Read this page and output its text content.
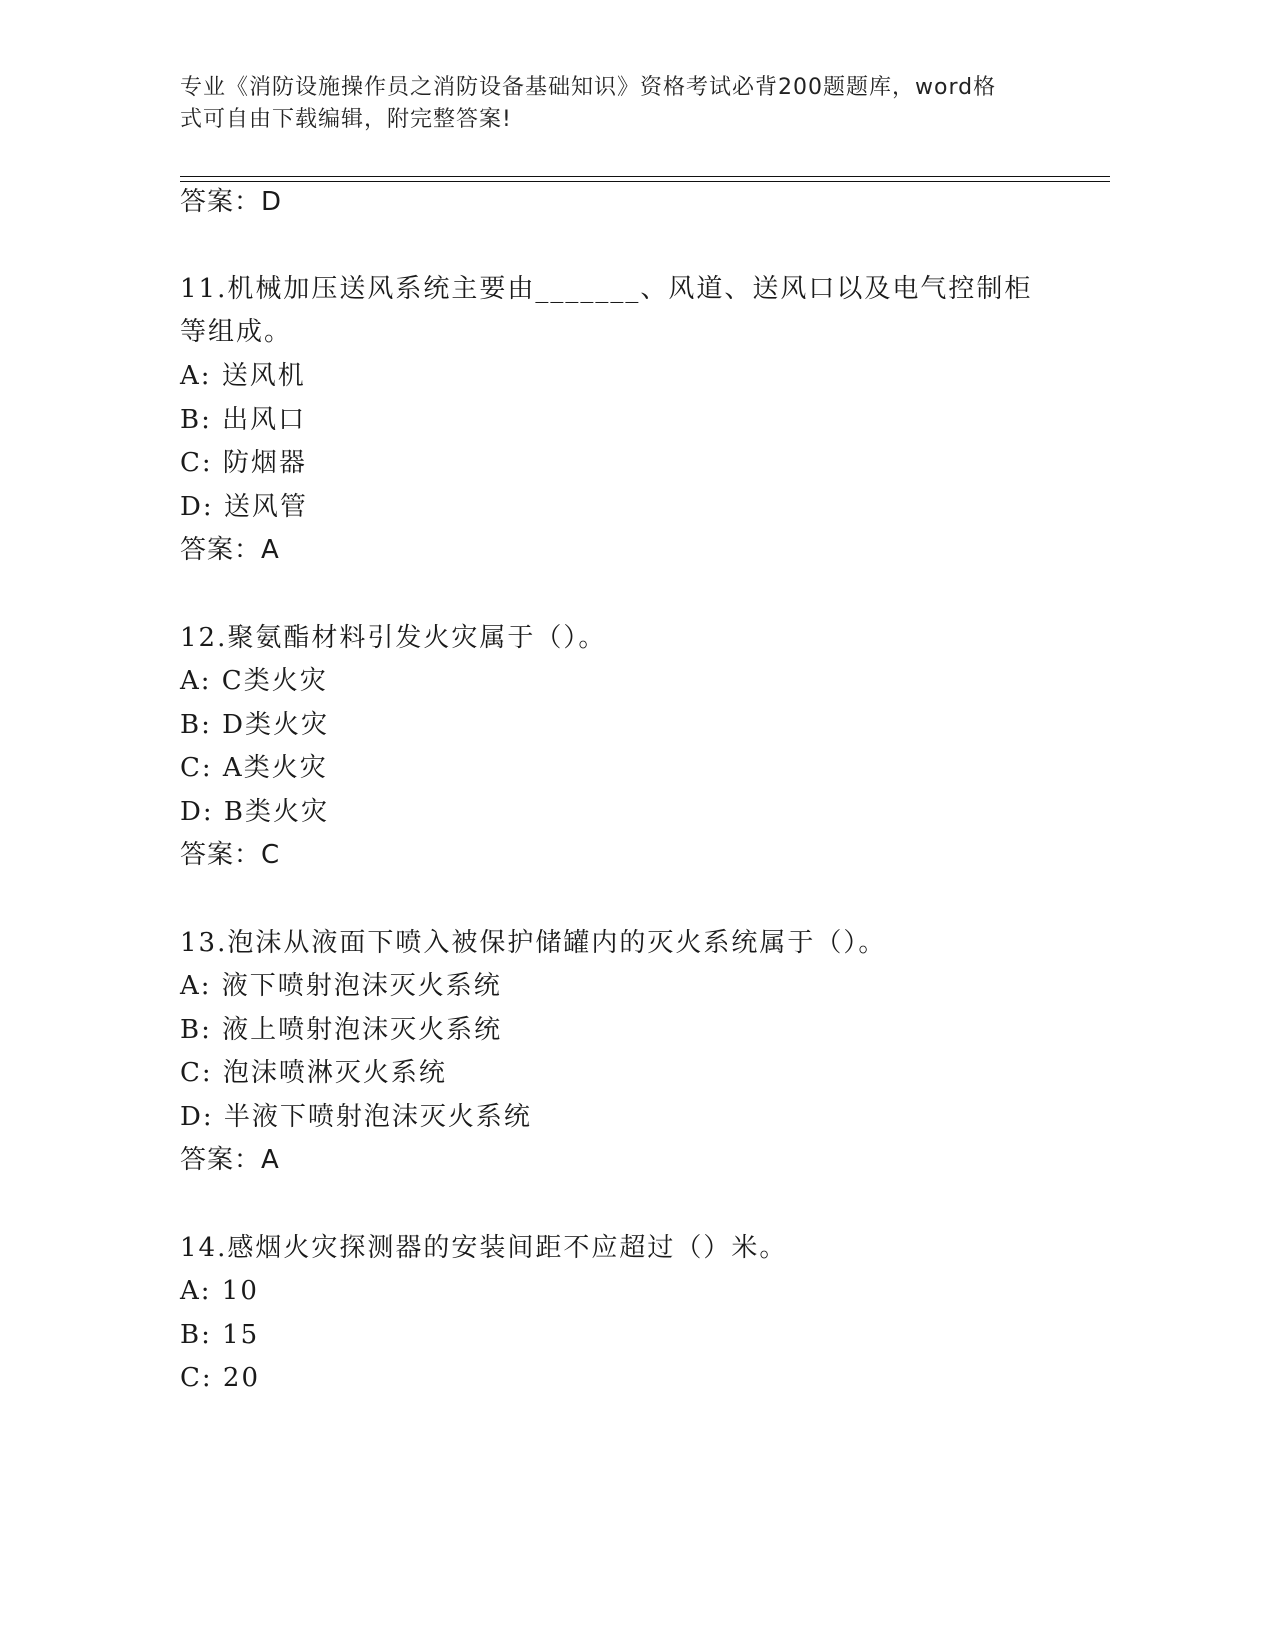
专业《消防设施操作员之消防设备基础知识》资格考试必背200题题库，word格
式可自由下载编辑，附完整答案!
答案：D
11.机械加压送风系统主要由_______、风道、送风口以及电气控制柜
等组成。
A: 送风机
B: 出风口
C: 防烟器
D: 送风管
答案：A
12.聚氨酯材料引发火灾属于（）。
A: C类火灾
B: D类火灾
C: A类火灾
D: B类火灾
答案：C
13.泡沫从液面下喷入被保护储罐内的灭火系统属于（）。
A: 液下喷射泡沫灭火系统
B: 液上喷射泡沫灭火系统
C: 泡沫喷淋灭火系统
D: 半液下喷射泡沫灭火系统
答案：A
14.感烟火灾探测器的安装间距不应超过（）米。
A: 10
B: 15
C: 20
